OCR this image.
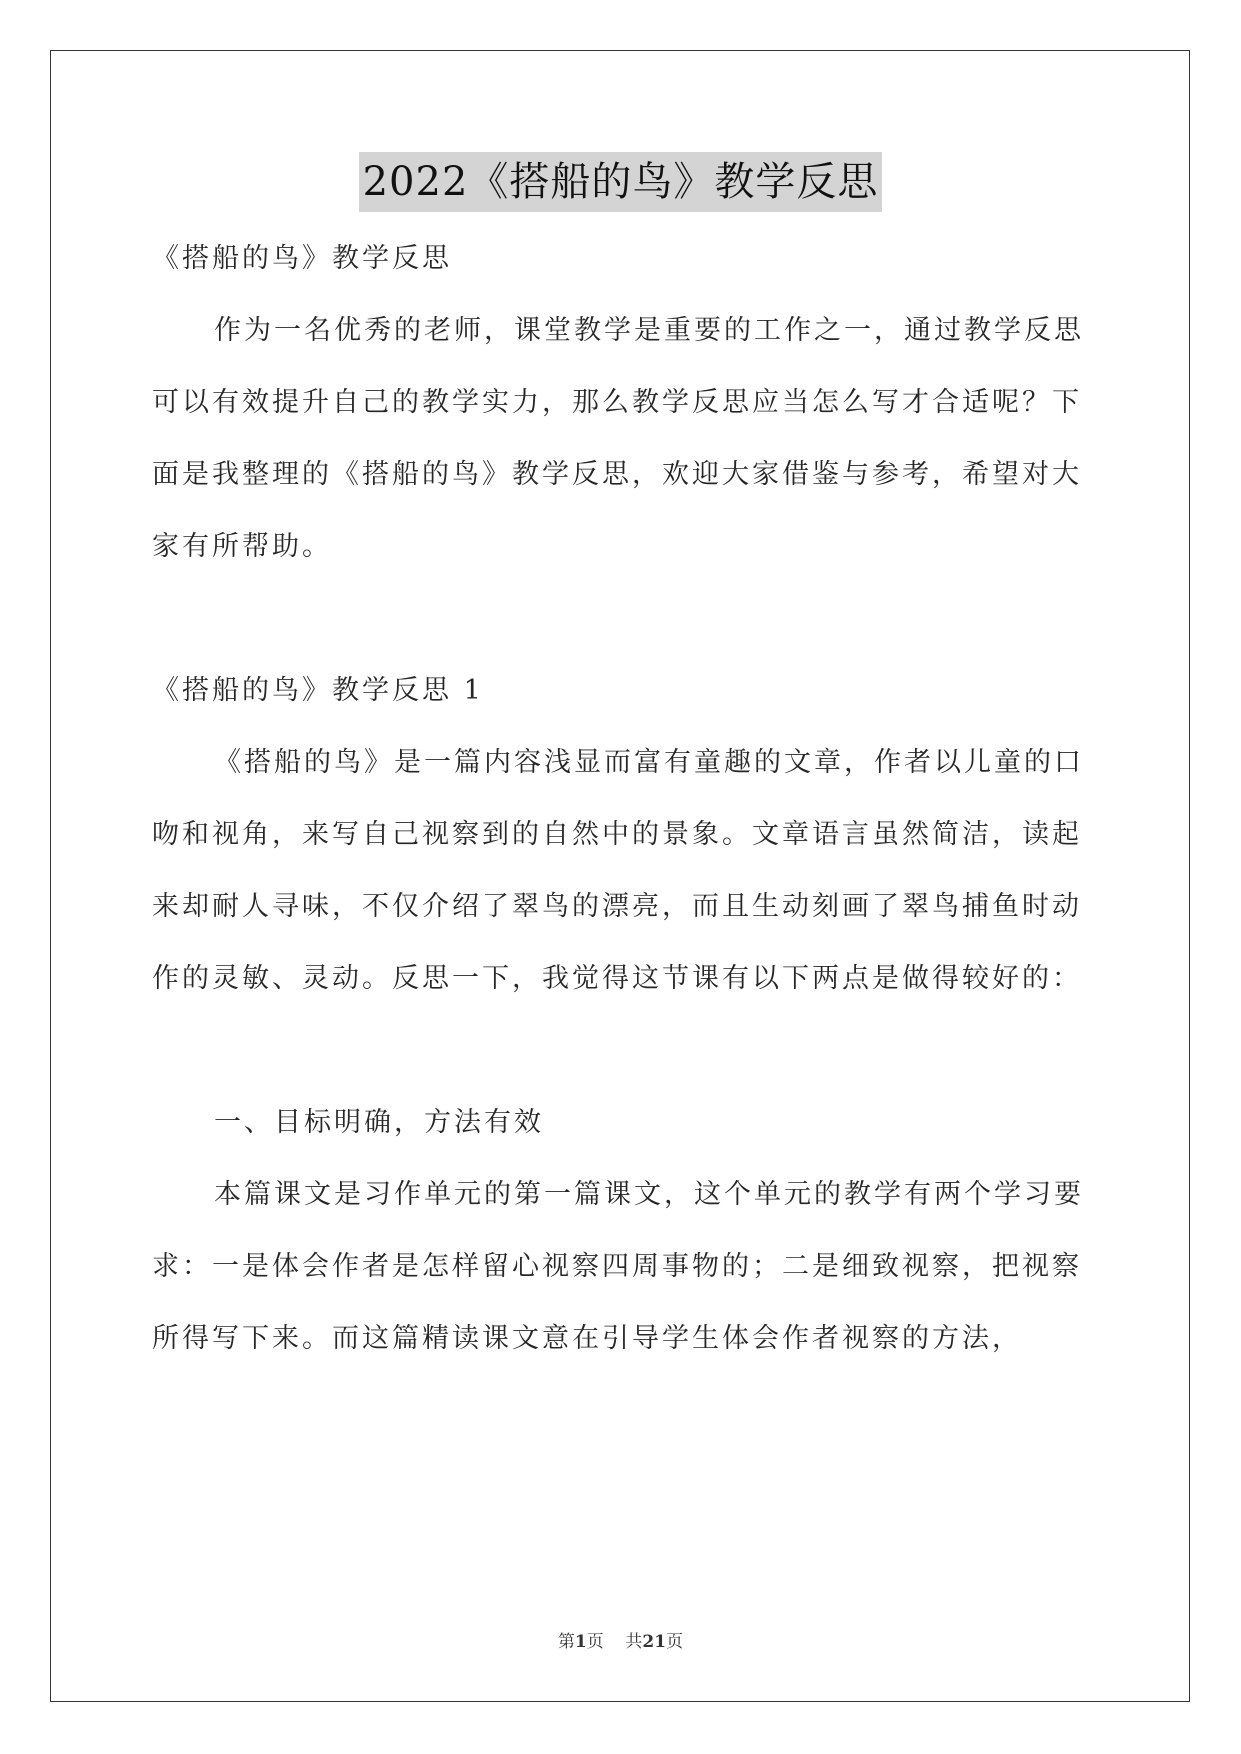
2022《搭船的鸟》教学反思

《搭船的鸟》教学反思

作为一名优秀的老师，课堂教学是重要的工作之一，通过教学反思可以有效提升自己的教学实力，那么教学反思应当怎么写才合适呢？下面是我整理的《搭船的鸟》教学反思，欢迎大家借鉴与参考，希望对大家有所帮助。

《搭船的鸟》教学反思 1

《搭船的鸟》是一篇内容浅显而富有童趣的文章，作者以儿童的口吻和视角，来写自己视察到的自然中的景象。文章语言虽然简洁，读起来却耐人寻味，不仅介绍了翠鸟的漂亮，而且生动刻画了翠鸟捕鱼时动作的灵敏、灵动。反思一下，我觉得这节课有以下两点是做得较好的：

一、目标明确，方法有效

本篇课文是习作单元的第一篇课文，这个单元的教学有两个学习要求：一是体会作者是怎样留心视察四周事物的；二是细致视察，把视察所得写下来。而这篇精读课文意在引导学生体会作者视察的方法，

第1页 共21页
